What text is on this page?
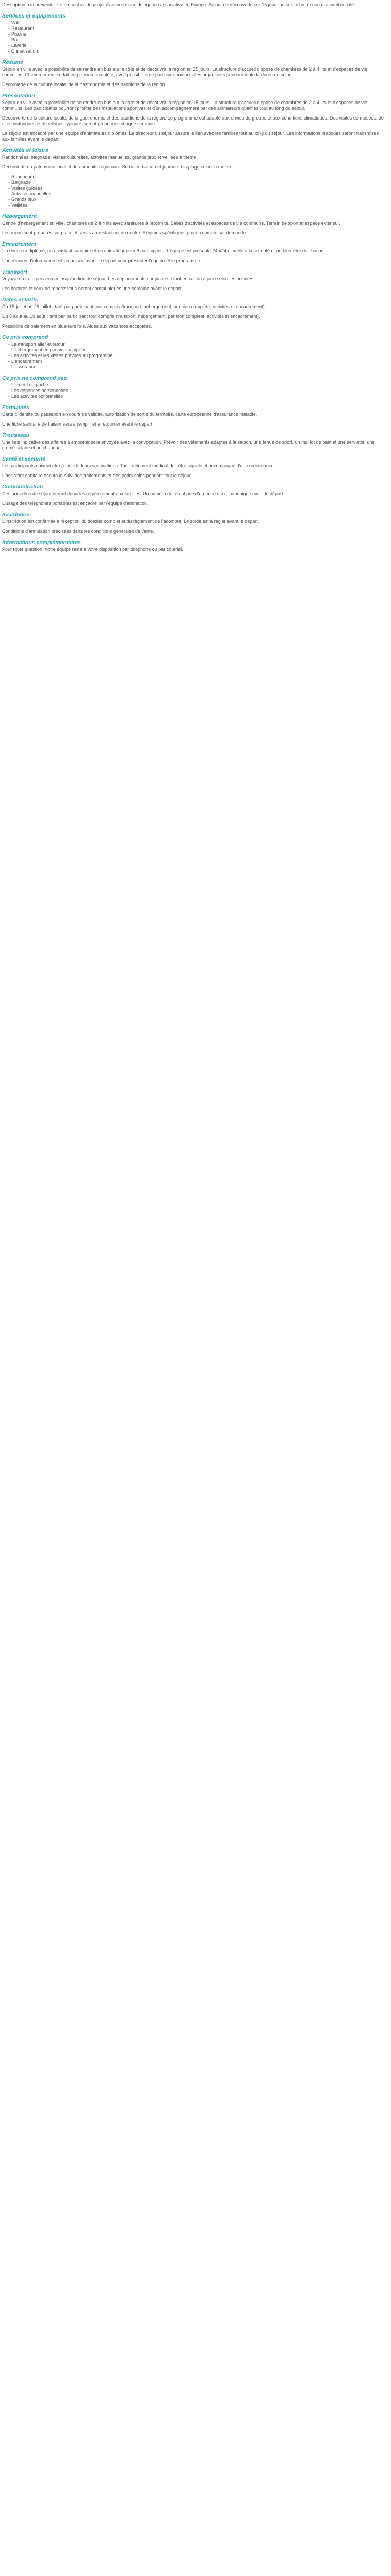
Description à la prévente : Le présent est le projet d'accueil d'une délégation associative en Europe. Séjour de découverte sur 15 jours au sein d'un réseau d'accueil en cité.

Services et équipements
- Wifi
- Restaurant
- Piscine
- Bar
- Laverie
- Climatisation
Résumé

Séjour en ville avec la possibilité de se rendre en bus sur la côte et de découvrir la région en 15 jours. La structure d'accueil dispose de chambres de 2 à 4 lits et d'espaces de vie communs. L'hébergement se fait en pension complète, avec possibilité de participer aux activités organisées pendant toute la durée du séjour.

Découverte de la culture locale, de la gastronomie et des traditions de la région.

Présentation

Séjour en ville avec la possibilité de se rendre en bus sur la côte et de découvrir la région en 15 jours. La structure d'accueil dispose de chambres de 2 à 4 lits et d'espaces de vie communs. Les participants pourront profiter des installations sportives et d'un accompagnement par des animateurs qualifiés tout au long du séjour.

Découverte de la culture locale, de la gastronomie et des traditions de la région. Le programme est adapté aux envies du groupe et aux conditions climatiques. Des visites de musées, de sites historiques et de villages typiques seront proposées chaque semaine.

Le séjour est encadré par une équipe d'animateurs diplômés. Le directeur du séjour assure le lien avec les familles tout au long du séjour. Les informations pratiques seront transmises aux familles avant le départ.

Activités et loisirs

Randonnées, baignade, visites culturelles, activités manuelles, grands jeux et veillées à thème.

Découverte du patrimoine local et des produits régionaux. Sortie en bateau et journée à la plage selon la météo.

- Randonnée
- Baignade
- Visites guidées
- Activités manuelles
- Grands jeux
- Veillées
Hébergement

Centre d'hébergement en ville, chambres de 2 à 4 lits avec sanitaires à proximité. Salles d'activités et espaces de vie communs. Terrain de sport et espace extérieur.

Les repas sont préparés sur place et servis au restaurant du centre. Régimes spécifiques pris en compte sur demande.

Encadrement

Un directeur diplômé, un assistant sanitaire et un animateur pour 8 participants. L'équipe est présente 24h/24 et veille à la sécurité et au bien-être de chacun.

Une réunion d'information est organisée avant le départ pour présenter l'équipe et le programme.

Transport

Voyage en train puis en car jusqu'au lieu de séjour. Les déplacements sur place se font en car ou à pied selon les activités.

Les horaires et lieux de rendez-vous seront communiqués une semaine avant le départ.

Dates et tarifs

Du 15 juillet au 29 juillet : tarif par participant tout compris (transport, hébergement, pension complète, activités et encadrement).

Du 5 août au 19 août : tarif par participant tout compris (transport, hébergement, pension complète, activités et encadrement).

Possibilité de paiement en plusieurs fois. Aides aux vacances acceptées.

Ce prix comprend
- Le transport aller et retour
- L'hébergement en pension complète
- Les activités et les visites prévues au programme
- L'encadrement
- L'assurance
Ce prix ne comprend pas
- L'argent de poche
- Les dépenses personnelles
- Les activités optionnelles
Formalités

Carte d'identité ou passeport en cours de validité, autorisation de sortie du territoire, carte européenne d'assurance maladie.

Une fiche sanitaire de liaison sera à remplir et à retourner avant le départ.

Trousseau

Une liste indicative des affaires à emporter sera envoyée avec la convocation. Prévoir des vêtements adaptés à la saison, une tenue de sport, un maillot de bain et une serviette, une crème solaire et un chapeau.

Santé et sécurité

Les participants doivent être à jour de leurs vaccinations. Tout traitement médical doit être signalé et accompagné d'une ordonnance.

L'assistant sanitaire assure le suivi des traitements et des petits soins pendant tout le séjour.

Communication

Des nouvelles du séjour seront données régulièrement aux familles. Un numéro de téléphone d'urgence est communiqué avant le départ.

L'usage des téléphones portables est encadré par l'équipe d'animation.

Inscription

L'inscription est confirmée à réception du dossier complet et du règlement de l'acompte. Le solde est à régler avant le départ.

Conditions d'annulation précisées dans les conditions générales de vente.

Informations complémentaires

Pour toute question, notre équipe reste à votre disposition par téléphone ou par courriel.
